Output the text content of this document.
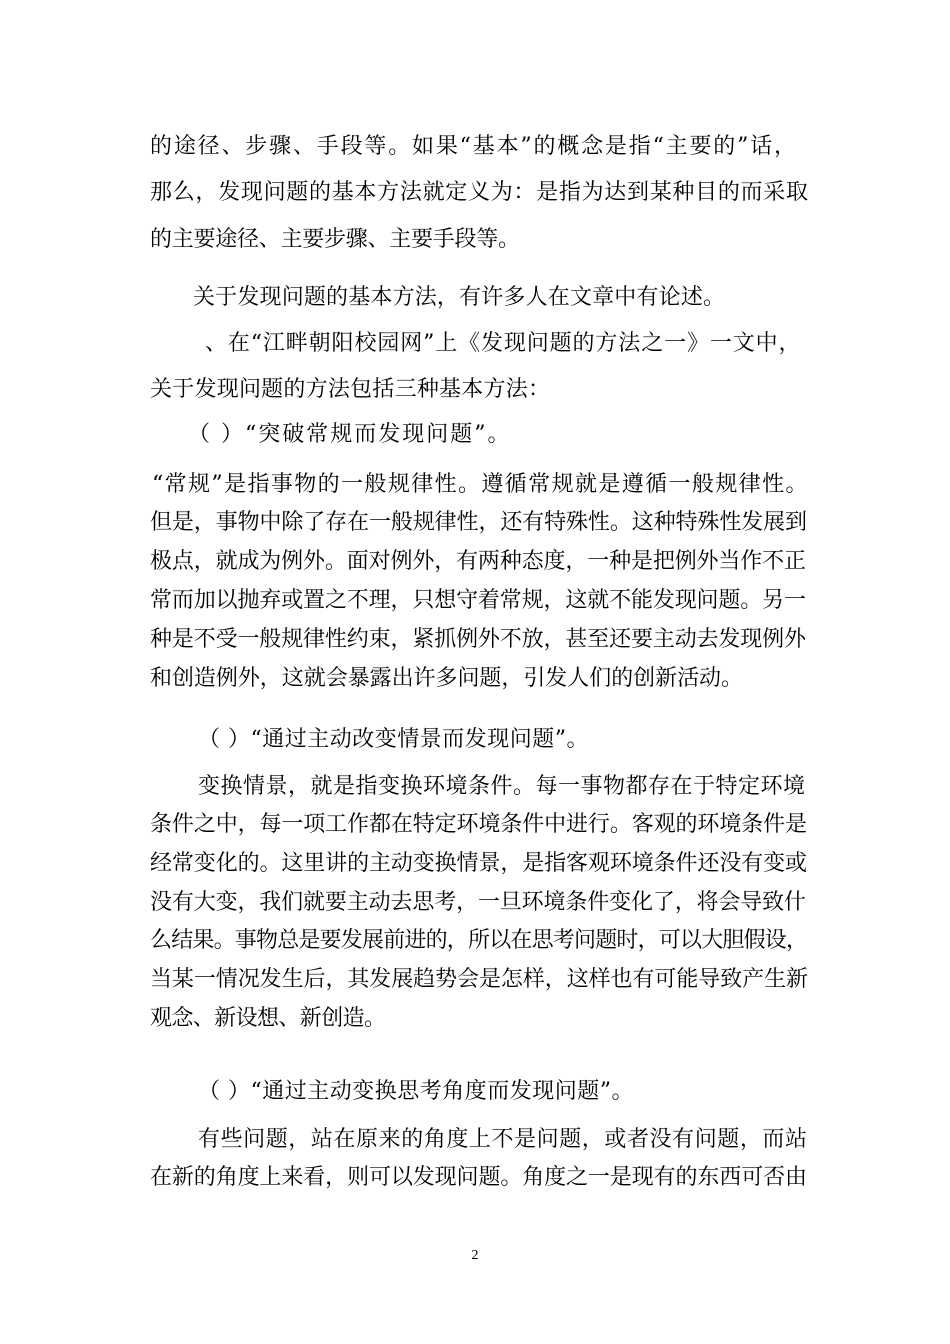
的途径、步骤、手段等。如果“基本”的概念是指“主要的”话，
那么，发现问题的基本方法就定义为：是指为达到某种目的而采取
的主要途径、主要步骤、主要手段等。
关于发现问题的基本方法，有许多人在文章中有论述。
、在“江畔朝阳校园网”上《发现问题的方法之一》一文中，
关于发现问题的方法包括三种基本方法：
（ ）“突破常规而发现问题”。
“常规”是指事物的一般规律性。遵循常规就是遵循一般规律性。
但是，事物中除了存在一般规律性，还有特殊性。这种特殊性发展到
极点，就成为例外。面对例外，有两种态度，一种是把例外当作不正
常而加以抛弃或置之不理，只想守着常规，这就不能发现问题。另一
种是不受一般规律性约束，紧抓例外不放，甚至还要主动去发现例外
和创造例外，这就会暴露出许多问题，引发人们的创新活动。
（ ）“通过主动改变情景而发现问题”。
变换情景，就是指变换环境条件。每一事物都存在于特定环境
条件之中，每一项工作都在特定环境条件中进行。客观的环境条件是
经常变化的。这里讲的主动变换情景，是指客观环境条件还没有变或
没有大变，我们就要主动去思考，一旦环境条件变化了，将会导致什
么结果。事物总是要发展前进的，所以在思考问题时，可以大胆假设，
当某一情况发生后，其发展趋势会是怎样，这样也有可能导致产生新
观念、新设想、新创造。
（ ）“通过主动变换思考角度而发现问题”。
有些问题，站在原来的角度上不是问题，或者没有问题，而站
在新的角度上来看，则可以发现问题。角度之一是现有的东西可否由
2
